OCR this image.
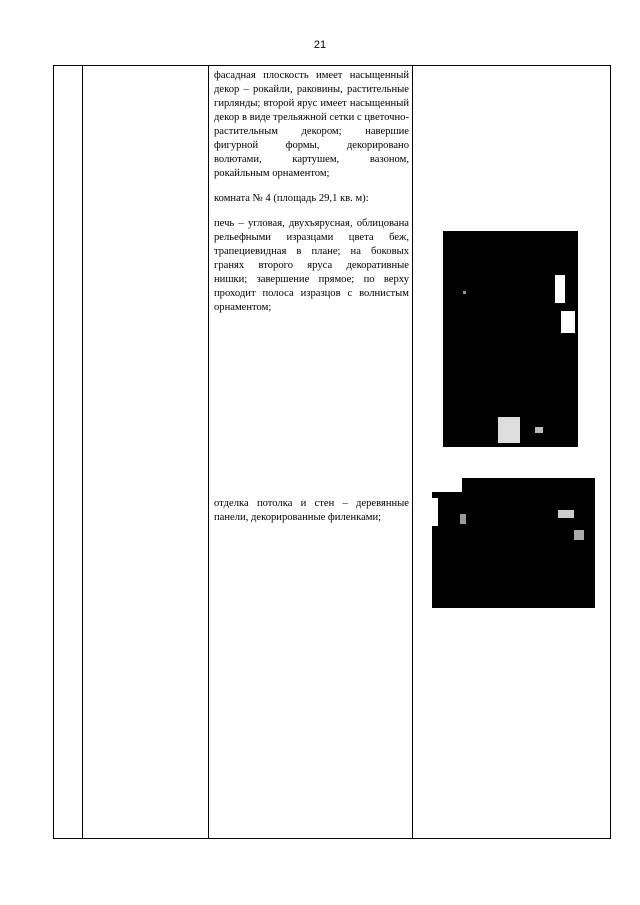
21

фасадная плоскость имеет насыщенный декор – рокайли, раковины, растительные гирлянды; второй ярус имеет насыщенный декор в виде трельяжной сетки с цветочно-растительным декором; навершие фигурной формы, декорировано волютами, картушем, вазоном, рокайльным орнаментом;

комната № 4 (площадь 29,1 кв. м):

печь – угловая, двухъярусная, облицована рельефными изразцами цвета беж, трапециевидная в плане; на боковых гранях второго яруса декоративные нишки; завершение прямое; по верху проходит полоса изразцов с волнистым орнаментом;

отделка потолка и стен – деревянные панели, декорированные филенками;
